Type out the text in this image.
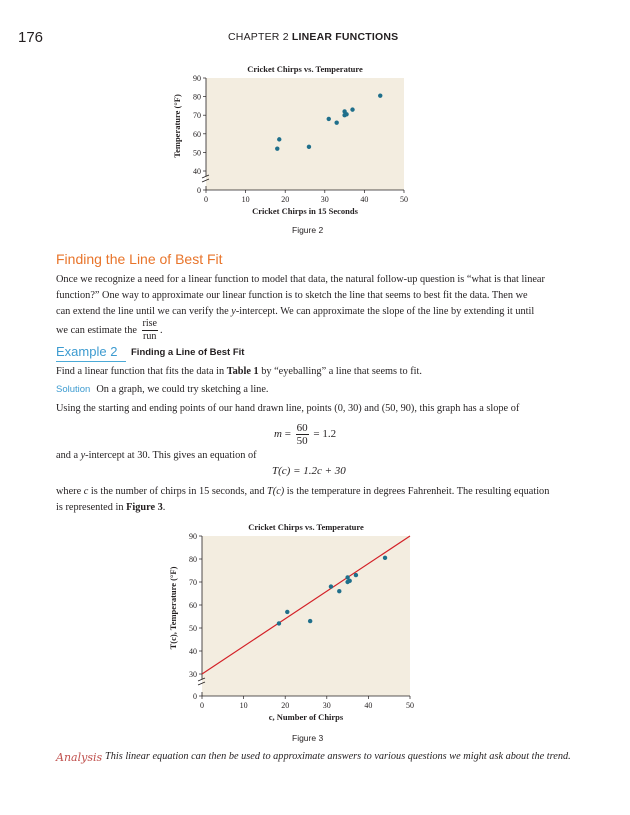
176	CHAPTER 2 LINEAR FUNCTIONS
Cricket Chirps vs. Temperature
0	10	20	30	40	50
0
40
50
60
70
80
90
Cricket Chirps in 15 Seconds
Temperature (°F)
Figure 2
Finding the Line of Best Fit
Once we recognize a need for a linear function to model that data, the natural follow-up question is “what is that linear
function?” One way to approximate our linear function is to sketch the line that seems to best fit the data. Then we
can extend the line until we can verify the y-intercept. We can approximate the slope of the line by extending it until
we can estimate the $\frac{\text{rise}}{\text{run}}$ .
Example 2 Finding a Line of Best Fit
Find a linear function that fits the data in Table 1 by “eyeballing” a line that seems to fit.
Solution On a graph, we could try sketching a line.
Using the starting and ending points of our hand drawn line, points (0, 30) and (50, 90), this graph has a slope of
$m = \frac{60}{50} = 1.2$
and a y-intercept at 30. This gives an equation of
T(c) = 1.2c + 30
where c is the number of chirps in 15 seconds, and T(c) is the temperature in degrees Fahrenheit. The resulting equation
is represented in Figure 3.
Cricket Chirps vs. Temperature
0	10	20	30	40	50
0
30
40
50
60
70
80
90
c, Number of Chirps
T(c), Temperature (°F)
Figure 3
Analysis This linear equation can then be used to approximate answers to various questions we might ask about the trend.
